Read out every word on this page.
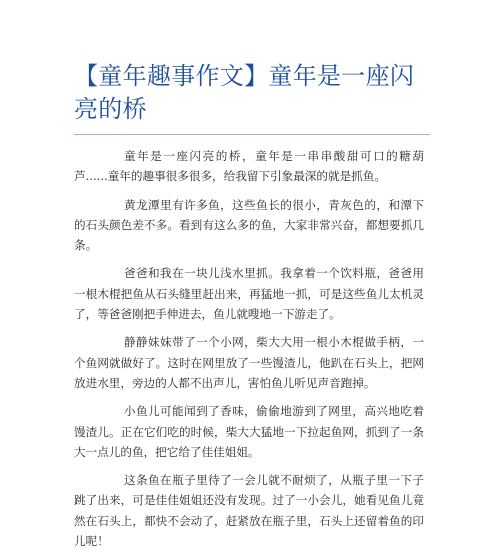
【童年趣事作文】童年是一座闪亮的桥

童年是一座闪亮的桥，童年是一串串酸甜可口的糖葫芦......童年的趣事很多很多，给我留下引象最深的就是抓鱼。

黄龙潭里有许多鱼，这些鱼长的很小，青灰色的，和潭下的石头颜色差不多。看到有这么多的鱼，大家非常兴奋，都想要抓几条。

爸爸和我在一块儿浅水里抓。我拿着一个饮料瓶，爸爸用一根木棍把鱼从石头缝里赶出来，再猛地一抓，可是这些鱼儿太机灵了，等爸爸刚把手伸进去，鱼儿就嗖地一下游走了。

静静妹妹带了一个小网，柴大大用一根小木棍做手柄，一个鱼网就做好了。这时在网里放了一些馒渣儿，他趴在石头上，把网放进水里，旁边的人都不出声儿，害怕鱼儿听见声音跑掉。

小鱼儿可能闻到了香味，偷偷地游到了网里，高兴地吃着馒渣儿。正在它们吃的时候，柴大大猛地一下拉起鱼网，抓到了一条大一点儿的鱼，把它给了佳佳姐姐。

这条鱼在瓶子里待了一会儿就不耐烦了，从瓶子里一下子跳了出来，可是佳佳姐姐还没有发现。过了一小会儿，她看见鱼儿竟然在石头上，都快不会动了，赶紧放在瓶子里，石头上还留着鱼的印儿呢！
